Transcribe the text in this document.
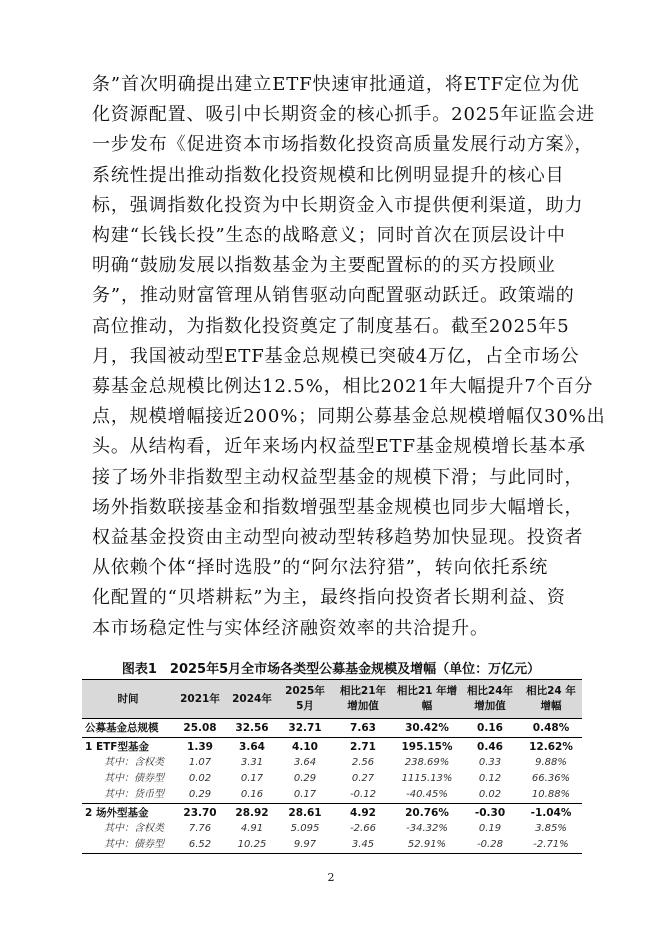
条”首次明确提出建立ETF快速审批通道，将ETF定位为优
化资源配置、吸引中长期资金的核心抓手。2025年证监会进
一步发布《促进资本市场指数化投资高质量发展行动方案》，
系统性提出推动指数化投资规模和比例明显提升的核心目
标，强调指数化投资为中长期资金入市提供便利渠道，助力
构建“长钱长投”生态的战略意义；同时首次在顶层设计中
明确“鼓励发展以指数基金为主要配置标的的买方投顾业
务”，推动财富管理从销售驱动向配置驱动跃迁。政策端的
高位推动，为指数化投资奠定了制度基石。截至2025年5
月，我国被动型ETF基金总规模已突破4万亿，占全市场公
募基金总规模比例达12.5%，相比2021年大幅提升7个百分
点，规模增幅接近200%；同期公募基金总规模增幅仅30%出
头。从结构看，近年来场内权益型ETF基金规模增长基本承
接了场外非指数型主动权益型基金的规模下滑；与此同时，
场外指数联接基金和指数增强型基金规模也同步大幅增长，
权益基金投资由主动型向被动型转移趋势加快显现。投资者
从依赖个体“择时选股”的“阿尔法狩猎”，转向依托系统
化配置的“贝塔耕耘”为主，最终指向投资者长期利益、资
本市场稳定性与实体经济融资效率的共洽提升。
图表1　2025年5月全市场各类型公募基金规模及增幅（单位：万亿元）
时间	2021年	2024年	2025年 5月	相比21年 增加值	相比21 年增幅	相比24年 增加值	相比24 年增幅
公募基金总规模	25.08	32.56	32.71	7.63	30.42%	0.16	0.48%
1 ETF型基金	1.39	3.64	4.10	2.71	195.15%	0.46	12.62%
其中：含权类	1.07	3.31	3.64	2.56	238.69%	0.33	9.88%
其中：债券型	0.02	0.17	0.29	0.27	1115.13%	0.12	66.36%
其中：货币型	0.29	0.16	0.17	-0.12	-40.45%	0.02	10.88%
2 场外型基金	23.70	28.92	28.61	4.92	20.76%	-0.30	-1.04%
其中：含权类	7.76	4.91	5.095	-2.66	-34.32%	0.19	3.85%
其中：债券型	6.52	10.25	9.97	3.45	52.91%	-0.28	-2.71%
2
